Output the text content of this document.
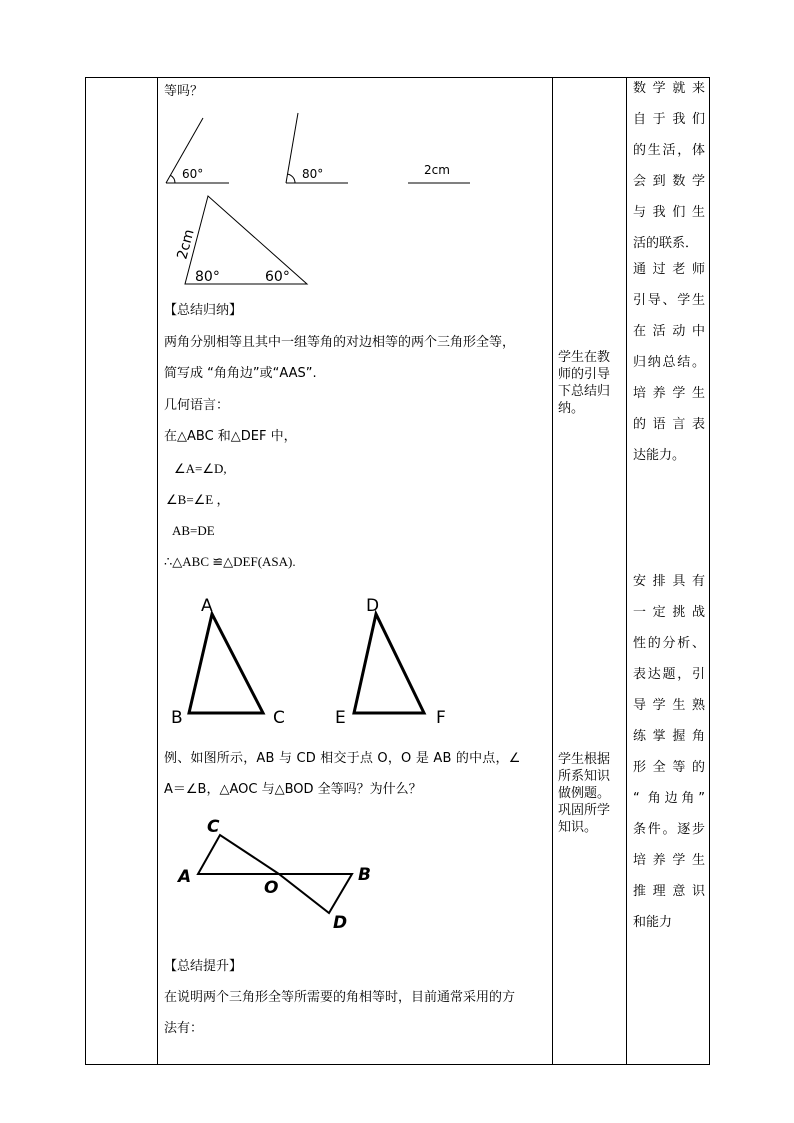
等吗？
60°	80°	2cm
2cm
80°	60°
【总结归纳】
两角分别相等且其中一组等角的对边相等的两个三角形全等，
简写成 “角角边”或“AAS”.
几何语言：
在△ABC 和△DEF 中，
∠A=∠D,
∠B=∠E ，
AB=DE
∴△ABC ≌△DEF(ASA).
A
B	C
D
E	F
例、如图所示，AB 与 CD 相交于点 O，O 是 AB 的中点，∠
A＝∠B，△AOC 与△BOD 全等吗？为什么？
C
A
O
B
D
【总结提升】
在说明两个三角形全等所需要的角相等时，目前通常采用的方
法有：
学生在教师的引导下总结归纳。
学生根据所系知识做例题。巩固所学知识。
数学就来
自于我们
的生活，体
会到数学
与我们生
活的联系．
通过老师
引导、学生
在活动中
归纳总结。
培养学生
的语言表
达能力。
安排具有
一定挑战
性的分析、
表达题，引
导学生熟
练掌握角
形全等的
“ 角边角”
条件。逐步
培养学生
推理意识
和能力
